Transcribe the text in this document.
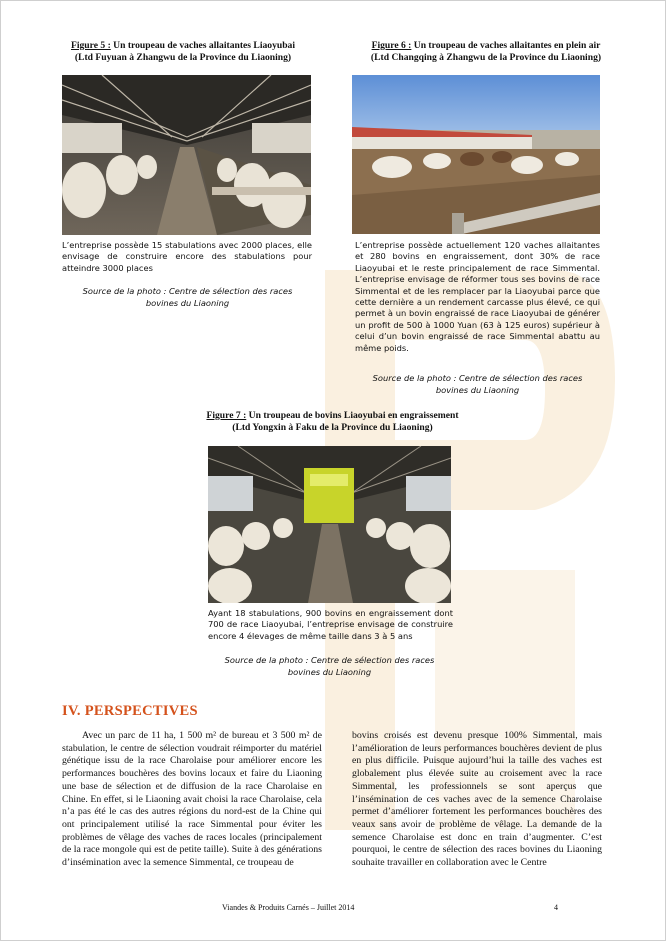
Figure 5 : Un troupeau de vaches allaitantes Liaoyubai
(Ltd Fuyuan à Zhangwu de la Province du Liaoning)
L’entreprise possède 15 stabulations avec 2000 places, elle envisage de construire encore des stabulations pour atteindre 3000 places
Source de la photo : Centre de sélection des races bovines du Liaoning
Figure 6 : Un troupeau de vaches allaitantes en plein air
(Ltd Changqing à Zhangwu de la Province du Liaoning)
L’entreprise possède actuellement 120 vaches allaitantes et 280 bovins en engraissement, dont 30% de race Liaoyubai et le reste principalement de race Simmental. L’entreprise envisage de réformer tous ses bovins de race Simmental et de les remplacer par la Liaoyubai parce que cette dernière a un rendement carcasse plus élevé, ce qui permet à un bovin engraissé de race Liaoyubai de générer un profit de 500 à 1000 Yuan (63 à 125 euros) supérieur à celui d’un bovin engraissé de race Simmental abattu au même poids.
Source de la photo : Centre de sélection des races bovines du Liaoning
Figure 7 : Un troupeau de bovins Liaoyubai en engraissement
(Ltd Yongxin à Faku de la Province du Liaoning)
Ayant 18 stabulations, 900 bovins en engraissement dont 700 de race Liaoyubai, l’entreprise envisage de construire encore 4 élevages de même taille dans 3 à 5 ans
Source de la photo : Centre de sélection des races bovines du Liaoning
IV. PERSPECTIVES

Avec un parc de 11 ha, 1 500 m² de bureau et 3 500 m² de stabulation, le centre de sélection voudrait réimporter du matériel génétique issu de la race Charolaise pour améliorer encore les performances bouchères des bovins locaux et faire du Liaoning une base de sélection et de diffusion de la race Charolaise en Chine. En effet, si le Liaoning avait choisi la race Charolaise, cela n’a pas été le cas des autres régions du nord-est de la Chine qui ont principalement utilisé la race Simmental pour éviter les problèmes de vêlage des vaches de races locales (principalement de la race mongole qui est de petite taille). Suite à des générations d’insémination avec la semence Simmental, ce troupeau de

bovins croisés est devenu presque 100% Simmental, mais l’amélioration de leurs performances bouchères devient de plus en plus difficile. Puisque aujourd’hui la taille des vaches est globalement plus élevée suite au croisement avec la race Simmental, les professionnels se sont aperçus que l’insémination de ces vaches avec de la semence Charolaise permet d’améliorer fortement les performances bouchères des veaux sans avoir de problème de vêlage. La demande de la semence Charolaise est donc en train d’augmenter. C’est pourquoi, le centre de sélection des races bovines du Liaoning souhaite travailler en collaboration avec le Centre

Viandes & Produits Carnés – Juillet 2014	4
